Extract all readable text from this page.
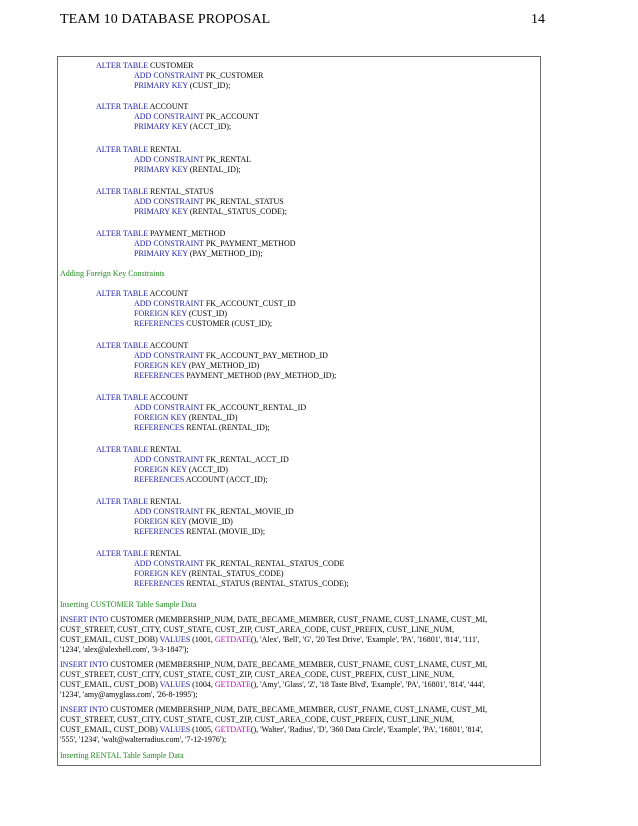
TEAM 10 DATABASE PROPOSAL	14
ALTER TABLE CUSTOMER
ADD CONSTRAINT PK_CUSTOMER
PRIMARY KEY (CUST_ID);
ALTER TABLE ACCOUNT
ADD CONSTRAINT PK_ACCOUNT
PRIMARY KEY (ACCT_ID);
ALTER TABLE RENTAL
ADD CONSTRAINT PK_RENTAL
PRIMARY KEY (RENTAL_ID);
ALTER TABLE RENTAL_STATUS
ADD CONSTRAINT PK_RENTAL_STATUS
PRIMARY KEY (RENTAL_STATUS_CODE);
ALTER TABLE PAYMENT_METHOD
ADD CONSTRAINT PK_PAYMENT_METHOD
PRIMARY KEY (PAY_METHOD_ID);
Adding Foreign Key Constraints
ALTER TABLE ACCOUNT
ADD CONSTRAINT FK_ACCOUNT_CUST_ID
FOREIGN KEY (CUST_ID)
REFERENCES CUSTOMER (CUST_ID);
ALTER TABLE ACCOUNT
ADD CONSTRAINT FK_ACCOUNT_PAY_METHOD_ID
FOREIGN KEY (PAY_METHOD_ID)
REFERENCES PAYMENT_METHOD (PAY_METHOD_ID);
ALTER TABLE ACCOUNT
ADD CONSTRAINT FK_ACCOUNT_RENTAL_ID
FOREIGN KEY (RENTAL_ID)
REFERENCES RENTAL (RENTAL_ID);
ALTER TABLE RENTAL
ADD CONSTRAINT FK_RENTAL_ACCT_ID
FOREIGN KEY (ACCT_ID)
REFERENCES ACCOUNT (ACCT_ID);
ALTER TABLE RENTAL
ADD CONSTRAINT FK_RENTAL_MOVIE_ID
FOREIGN KEY (MOVIE_ID)
REFERENCES RENTAL (MOVIE_ID);
ALTER TABLE RENTAL
ADD CONSTRAINT FK_RENTAL_RENTAL_STATUS_CODE
FOREIGN KEY (RENTAL_STATUS_CODE)
REFERENCES RENTAL_STATUS (RENTAL_STATUS_CODE);
Inserting CUSTOMER Table Sample Data
INSERT INTO CUSTOMER (MEMBERSHIP_NUM, DATE_BECAME_MEMBER, CUST_FNAME, CUST_LNAME, CUST_MI,
CUST_STREET, CUST_CITY, CUST_STATE, CUST_ZIP, CUST_AREA_CODE, CUST_PREFIX, CUST_LINE_NUM,
CUST_EMAIL, CUST_DOB) VALUES (1001, GETDATE(), 'Alex', 'Bell', 'G', '20 Test Drive', 'Example', 'PA', '16801', '814', '111',
'1234', 'alex@alexbell.com', '3-3-1847');
INSERT INTO CUSTOMER (MEMBERSHIP_NUM, DATE_BECAME_MEMBER, CUST_FNAME, CUST_LNAME, CUST_MI,
CUST_STREET, CUST_CITY, CUST_STATE, CUST_ZIP, CUST_AREA_CODE, CUST_PREFIX, CUST_LINE_NUM,
CUST_EMAIL, CUST_DOB) VALUES (1004, GETDATE(), 'Amy', 'Glass', 'Z', '18 Taste Blvd', 'Example', 'PA', '16801', '814', '444',
'1234', 'amy@amyglass.com', '26-8-1995');
INSERT INTO CUSTOMER (MEMBERSHIP_NUM, DATE_BECAME_MEMBER, CUST_FNAME, CUST_LNAME, CUST_MI,
CUST_STREET, CUST_CITY, CUST_STATE, CUST_ZIP, CUST_AREA_CODE, CUST_PREFIX, CUST_LINE_NUM,
CUST_EMAIL, CUST_DOB) VALUES (1005, GETDATE(), 'Walter', 'Radius', 'D', '360 Data Circle', 'Example', 'PA', '16801', '814',
'555', '1234', 'walt@walterradius.com', '7-12-1976');
Inserting RENTAL Table Sample Data
